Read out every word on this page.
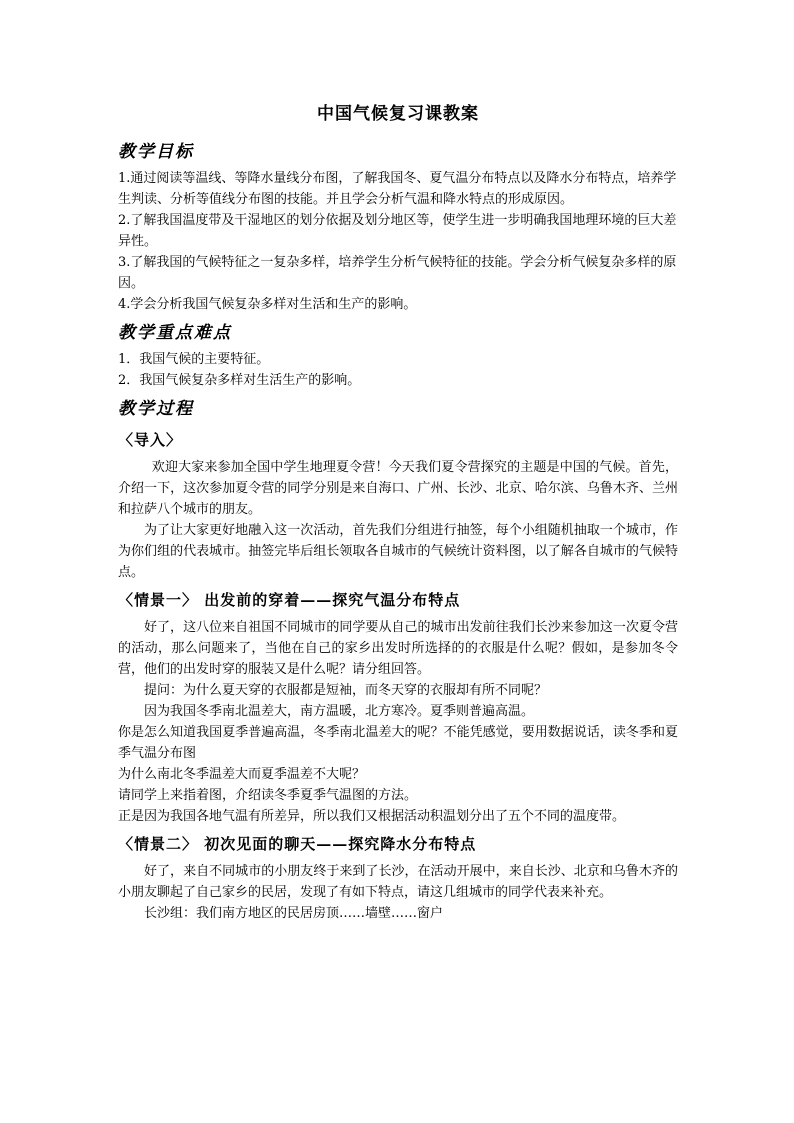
中国气候复习课教案
教学目标
1.通过阅读等温线、等降水量线分布图，了解我国冬、夏气温分布特点以及降水分布特点，培养学生判读、分析等值线分布图的技能。并且学会分析气温和降水特点的形成原因。
2.了解我国温度带及干湿地区的划分依据及划分地区等，使学生进一步明确我国地理环境的巨大差异性。
3.了解我国的气候特征之一复杂多样，培养学生分析气候特征的技能。学会分析气候复杂多样的原因。
4.学会分析我国气候复杂多样对生活和生产的影响。
教学重点难点
1．我国气候的主要特征。
2．我国气候复杂多样对生活生产的影响。
教学过程
〈导入〉

欢迎大家来参加全国中学生地理夏令营！今天我们夏令营探究的主题是中国的气候。首先，介绍一下，这次参加夏令营的同学分别是来自海口、广州、长沙、北京、哈尔滨、乌鲁木齐、兰州和拉萨八个城市的朋友。

为了让大家更好地融入这一次活动，首先我们分组进行抽签，每个小组随机抽取一个城市，作为你们组的代表城市。抽签完毕后组长领取各自城市的气候统计资料图，以了解各自城市的气候特点。

〈情景一〉 出发前的穿着——探究气温分布特点

好了，这八位来自祖国不同城市的同学要从自己的城市出发前往我们长沙来参加这一次夏令营的活动，那么问题来了，当他在自己的家乡出发时所选择的的衣服是什么呢？假如，是参加冬令营，他们的出发时穿的服装又是什么呢？请分组回答。

提问：为什么夏天穿的衣服都是短袖，而冬天穿的衣服却有所不同呢？

因为我国冬季南北温差大，南方温暖，北方寒冷。夏季则普遍高温。

你是怎么知道我国夏季普遍高温，冬季南北温差大的呢？不能凭感觉，要用数据说话，读冬季和夏季气温分布图

为什么南北冬季温差大而夏季温差不大呢？

请同学上来指着图，介绍读冬季夏季气温图的方法。

正是因为我国各地气温有所差异，所以我们又根据活动积温划分出了五个不同的温度带。

〈情景二〉 初次见面的聊天——探究降水分布特点

好了，来自不同城市的小朋友终于来到了长沙，在活动开展中，来自长沙、北京和乌鲁木齐的小朋友聊起了自己家乡的民居，发现了有如下特点，请这几组城市的同学代表来补充。

长沙组：我们南方地区的民居房顶……墙壁……窗户
